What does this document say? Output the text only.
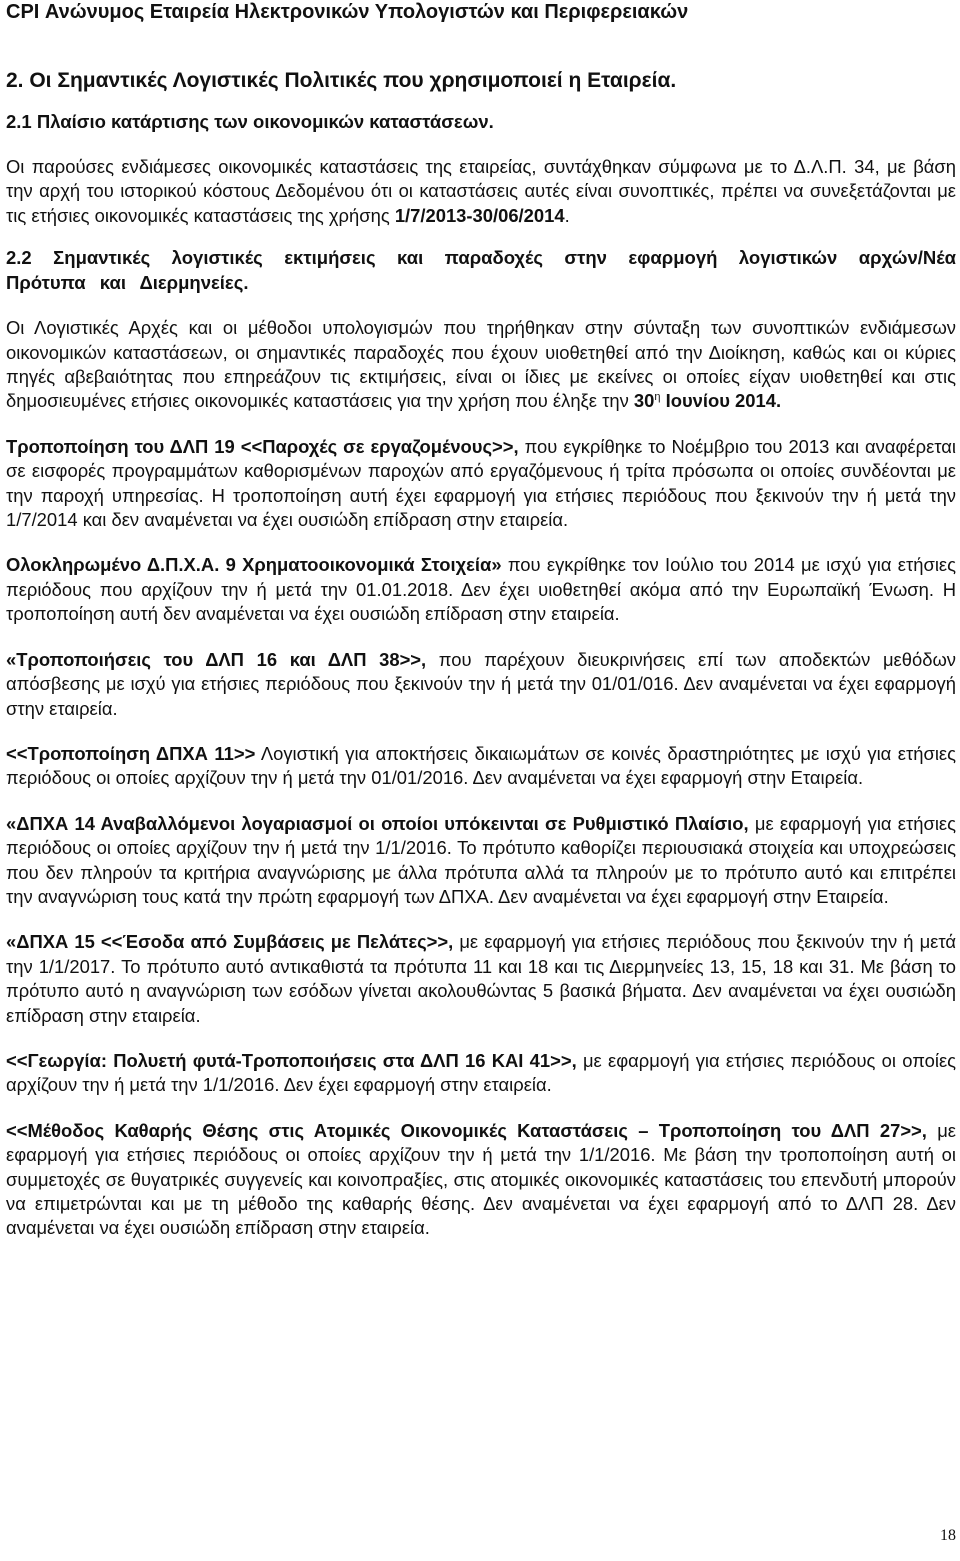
CPI Ανώνυμος Εταιρεία Ηλεκτρονικών Υπολογιστών και Περιφερειακών
2. Οι Σημαντικές Λογιστικές Πολιτικές που χρησιμοποιεί η Εταιρεία.
2.1 Πλαίσιο κατάρτισης των οικονομικών καταστάσεων.

Οι παρούσες ενδιάμεσες οικονομικές καταστάσεις της εταιρείας, συντάχθηκαν σύμφωνα με το Δ.Λ.Π. 34, με βάση την αρχή του ιστορικού κόστους Δεδομένου ότι οι καταστάσεις αυτές είναι συνοπτικές, πρέπει να συνεξετάζονται με τις ετήσιες οικονομικές καταστάσεις της χρήσης 1/7/2013-30/06/2014.

2.2 Σημαντικές λογιστικές εκτιμήσεις και παραδοχές στην εφαρμογή λογιστικών αρχών/Νέα Πρότυπα και Διερμηνείες.

Οι Λογιστικές Αρχές και οι μέθοδοι υπολογισμών που τηρήθηκαν στην σύνταξη των συνοπτικών ενδιάμεσων οικονομικών καταστάσεων, οι σημαντικές παραδοχές που έχουν υιοθετηθεί από την Διοίκηση, καθώς και οι κύριες πηγές αβεβαιότητας που επηρεάζουν τις εκτιμήσεις, είναι οι ίδιες με εκείνες οι οποίες είχαν υιοθετηθεί και στις δημοσιευμένες ετήσιες οικονομικές καταστάσεις για την χρήση που έληξε την $30^\eta$ Ιουνίου 2014.

Τροποποίηση του ΔΛΠ 19 <<Παροχές σε εργαζομένους>>, που εγκρίθηκε το Νοέμβριο του 2013 και αναφέρεται σε εισφορές προγραμμάτων καθορισμένων παροχών από εργαζόμενους ή τρίτα πρόσωπα οι οποίες συνδέονται με την παροχή υπηρεσίας. Η τροποποίηση αυτή έχει εφαρμογή για ετήσιες περιόδους που ξεκινούν την ή μετά την 1/7/2014 και δεν αναμένεται να έχει ουσιώδη επίδραση στην εταιρεία.

Ολοκληρωμένο Δ.Π.Χ.Α. 9 Χρηματοοικονομικά Στοιχεία» που εγκρίθηκε τον Ιούλιο του 2014 με ισχύ για ετήσιες περιόδους που αρχίζουν την ή μετά την 01.01.2018. Δεν έχει υιοθετηθεί ακόμα από την Ευρωπαϊκή Ένωση. Η τροποποίηση αυτή δεν αναμένεται να έχει ουσιώδη επίδραση στην εταιρεία.

«Τροποποιήσεις του ΔΛΠ 16 και ΔΛΠ 38>>, που παρέχουν διευκρινήσεις επί των αποδεκτών μεθόδων απόσβεσης με ισχύ για ετήσιες περιόδους που ξεκινούν την ή μετά την 01/01/016. Δεν αναμένεται να έχει εφαρμογή στην εταιρεία.

<<Τροποποίηση ΔΠΧΑ 11>> Λογιστική για αποκτήσεις δικαιωμάτων σε κοινές δραστηριότητες με ισχύ για ετήσιες περιόδους οι οποίες αρχίζουν την ή μετά την 01/01/2016. Δεν αναμένεται να έχει εφαρμογή στην Εταιρεία.

«ΔΠΧΑ 14 Αναβαλλόμενοι λογαριασμοί οι οποίοι υπόκεινται σε Ρυθμιστικό Πλαίσιο, με εφαρμογή για ετήσιες περιόδους οι οποίες αρχίζουν την ή μετά την 1/1/2016. Το πρότυπο καθορίζει περιουσιακά στοιχεία και υποχρεώσεις που δεν πληρούν τα κριτήρια αναγνώρισης με άλλα πρότυπα αλλά τα πληρούν με το πρότυπο αυτό και επιτρέπει την αναγνώριση τους κατά την πρώτη εφαρμογή των ΔΠΧΑ. Δεν αναμένεται να έχει εφαρμογή στην Εταιρεία.

«ΔΠΧΑ 15 <<Έσοδα από Συμβάσεις με Πελάτες>>, με εφαρμογή για ετήσιες περιόδους που ξεκινούν την ή μετά την 1/1/2017. Το πρότυπο αυτό αντικαθιστά τα πρότυπα 11 και 18 και τις Διερμηνείες 13, 15, 18 και 31. Με βάση το πρότυπο αυτό η αναγνώριση των εσόδων γίνεται ακολουθώντας 5 βασικά βήματα. Δεν αναμένεται να έχει ουσιώδη επίδραση στην εταιρεία.

<<Γεωργία: Πολυετή φυτά-Τροποποιήσεις στα ΔΛΠ 16 ΚΑΙ 41>>, με εφαρμογή για ετήσιες περιόδους οι οποίες αρχίζουν την ή μετά την 1/1/2016. Δεν έχει εφαρμογή στην εταιρεία.

<<Μέθοδος Καθαρής Θέσης στις Ατομικές Οικονομικές Καταστάσεις – Τροποποίηση του ΔΛΠ 27>>, με εφαρμογή για ετήσιες περιόδους οι οποίες αρχίζουν την ή μετά την 1/1/2016. Με βάση την τροποποίηση αυτή οι συμμετοχές σε θυγατρικές συγγενείς και κοινοπραξίες, στις ατομικές οικονομικές καταστάσεις του επενδυτή μπορούν να επιμετρώνται και με τη μέθοδο της καθαρής θέσης. Δεν αναμένεται να έχει εφαρμογή από το ΔΛΠ 28. Δεν αναμένεται να έχει ουσιώδη επίδραση στην εταιρεία.

18
